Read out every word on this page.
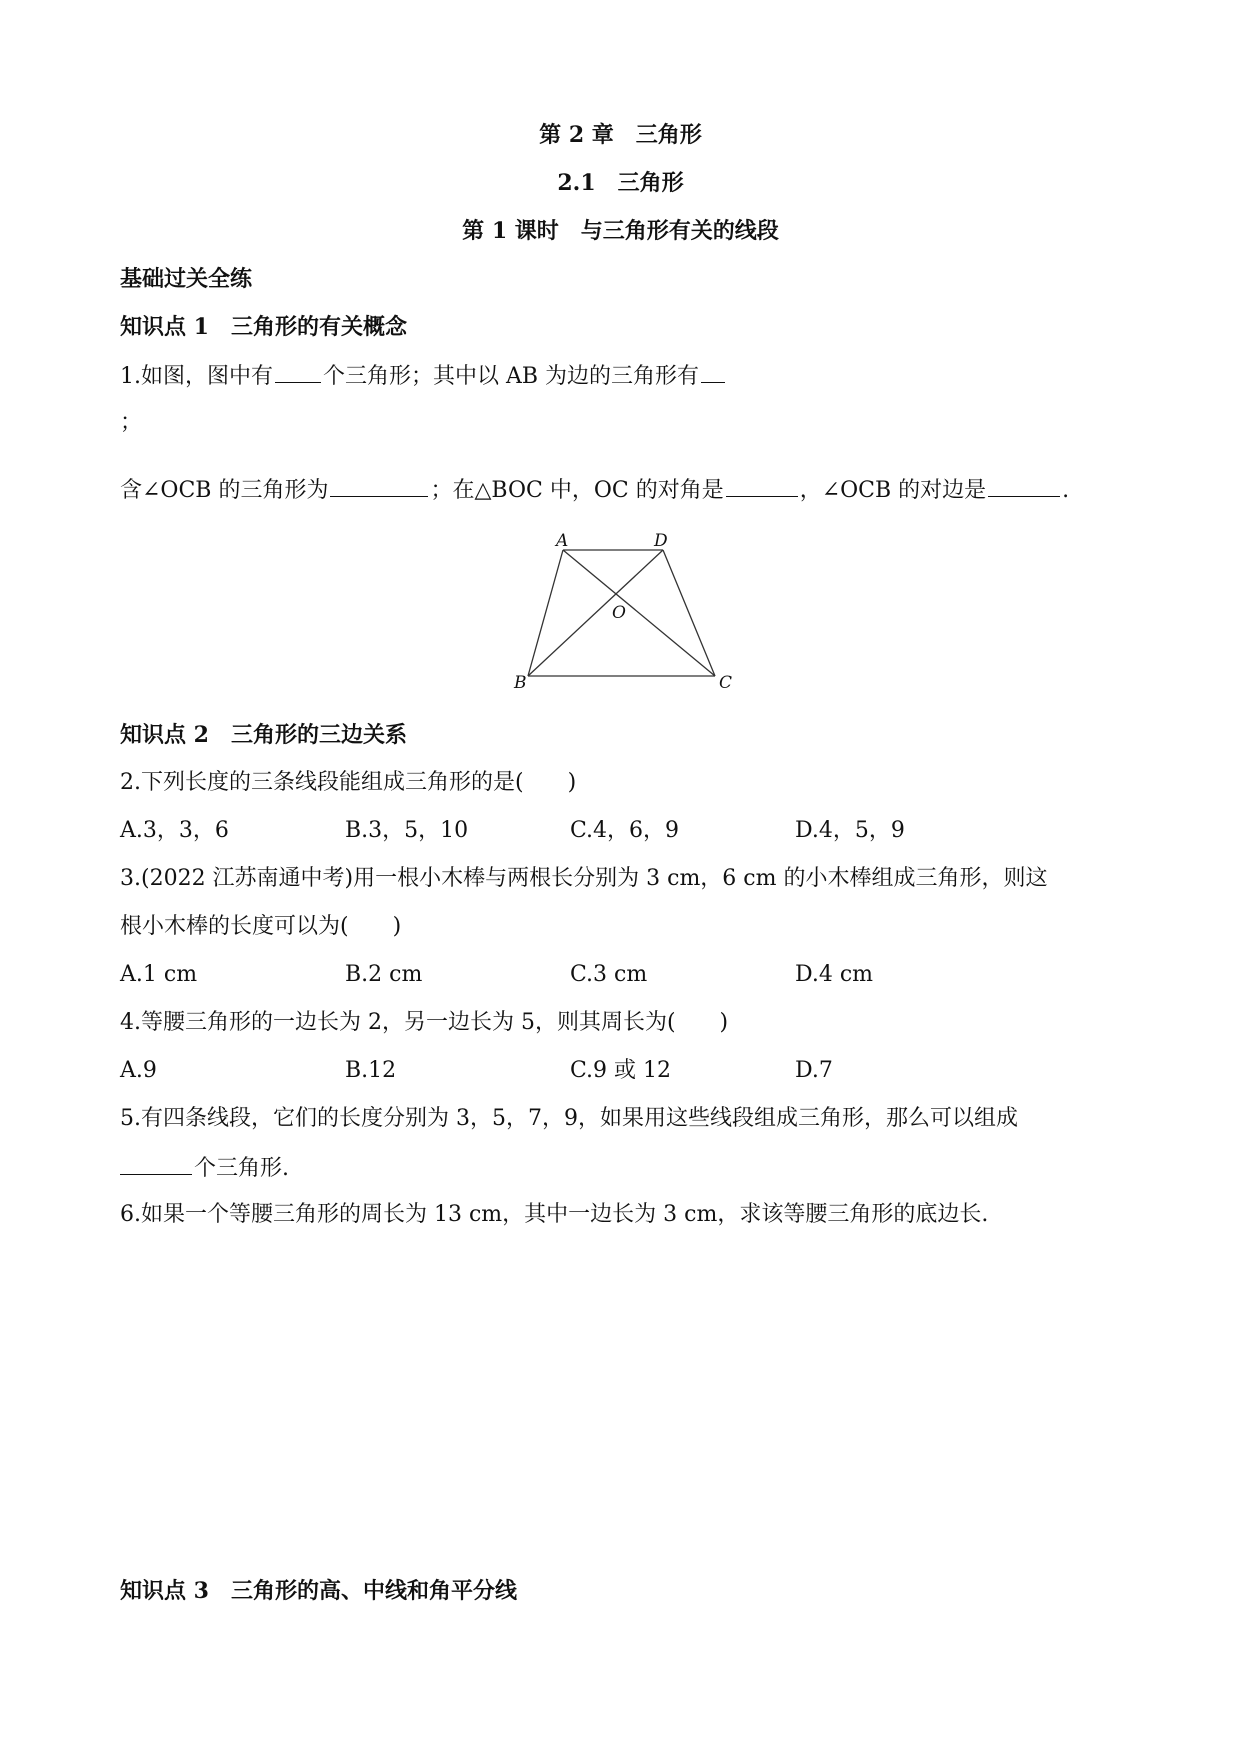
第 2 章　三角形
2.1　三角形
第 1 课时　与三角形有关的线段
基础过关全练
知识点 1　三角形的有关概念
1.如图，图中有 个三角形；其中以 AB 为边的三角形有
；
含∠OCB 的三角形为	；在△BOC 中，OC 的对角是	，∠OCB 的对边是	.
A	D
O
B	C
知识点 2　三角形的三边关系
2.下列长度的三条线段能组成三角形的是(　　)
A.3，3，6	B.3，5，10	C.4，6，9	D.4，5，9
3.(2022 江苏南通中考)用一根小木棒与两根长分别为 3 cm，6 cm 的小木棒组成三角形，则这
根小木棒的长度可以为(　　)
A.1 cm	B.2 cm	C.3 cm	D.4 cm
4.等腰三角形的一边长为 2，另一边长为 5，则其周长为(　　)
A.9	B.12	C.9 或 12	D.7
5.有四条线段，它们的长度分别为 3，5，7，9，如果用这些线段组成三角形，那么可以组成
个三角形.
6.如果一个等腰三角形的周长为 13 cm，其中一边长为 3 cm，求该等腰三角形的底边长.
知识点 3　三角形的高、中线和角平分线
